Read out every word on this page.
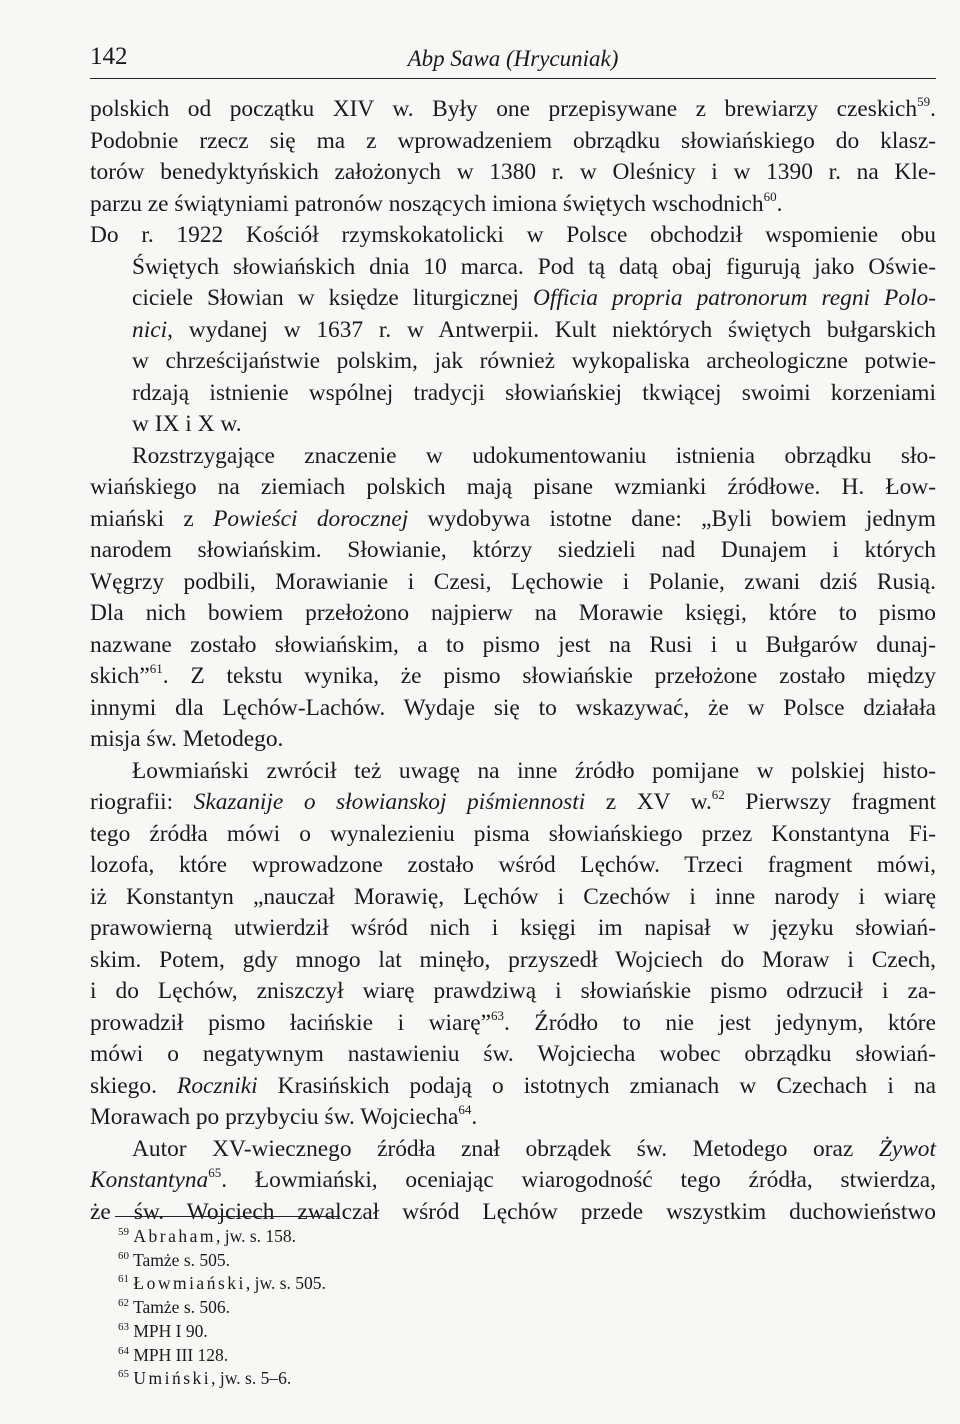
142	Abp Sawa (Hrycuniak)

polskich od początku XIV w. Były one przepisywane z brewiarzy czeskich$^{59}$.
Podobnie rzecz się ma z wprowadzeniem obrządku słowiańskiego do klasz-
torów benedyktyńskich założonych w 1380 r. w Oleśnicy i w 1390 r. na Kle-
parzu ze świątyniami patronów noszących imiona świętych wschodnich$^{60}$.

Do r. 1922 Kościół rzymskokatolicki w Polsce obchodził wspomienie obu
Świętych słowiańskich dnia 10 marca. Pod tą datą obaj figurują jako Oświe-
ciciele Słowian w księdze liturgicznej Officia propria patronorum regni Polo-
nici, wydanej w 1637 r. w Antwerpii. Kult niektórych świętych bułgarskich
w chrześcijaństwie polskim, jak również wykopaliska archeologiczne potwie-
rdzają istnienie wspólnej tradycji słowiańskiej tkwiącej swoimi korzeniami
w IX i X w.

Rozstrzygające znaczenie w udokumentowaniu istnienia obrządku sło-
wiańskiego na ziemiach polskich mają pisane wzmianki źródłowe. H. Łow-
miański z Powieści dorocznej wydobywa istotne dane: „Byli bowiem jednym
narodem słowiańskim. Słowianie, którzy siedzieli nad Dunajem i których
Węgrzy podbili, Morawianie i Czesi, Lęchowie i Polanie, zwani dziś Rusią.
Dla nich bowiem przełożono najpierw na Morawie księgi, które to pismo
nazwane zostało słowiańskim, a to pismo jest na Rusi i u Bułgarów dunaj-
skich”$^{61}$. Z tekstu wynika, że pismo słowiańskie przełożone zostało między
innymi dla Lęchów-Lachów. Wydaje się to wskazywać, że w Polsce działała
misja św. Metodego.

Łowmiański zwrócił też uwagę na inne źródło pomijane w polskiej histo-
riografii: Skazanije o słowianskoj piśmiennosti z XV w.$^{62}$ Pierwszy fragment
tego źródła mówi o wynalezieniu pisma słowiańskiego przez Konstantyna Fi-
lozofa, które wprowadzone zostało wśród Lęchów. Trzeci fragment mówi,
iż Konstantyn „nauczał Morawię, Lęchów i Czechów i inne narody i wiarę
prawowierną utwierdził wśród nich i księgi im napisał w języku słowiań-
skim. Potem, gdy mnogo lat minęło, przyszedł Wojciech do Moraw i Czech,
i do Lęchów, zniszczył wiarę prawdziwą i słowiańskie pismo odrzucił i za-
prowadził pismo łacińskie i wiarę”$^{63}$. Źródło to nie jest jedynym, które
mówi o negatywnym nastawieniu św. Wojciecha wobec obrządku słowiań-
skiego. Roczniki Krasińskich podają o istotnych zmianach w Czechach i na
Morawach po przybyciu św. Wojciecha$^{64}$.

Autor XV-wiecznego źródła znał obrządek św. Metodego oraz Żywot
Konstantyna$^{65}$. Łowmiański, oceniając wiarogodność tego źródła, stwierdza,
że św. Wojciech zwalczał wśród Lęchów przede wszystkim duchowieństwo

$^{59}$ Abraham, jw. s. 158.
$^{60}$ Tamże s. 505.
$^{61}$ Łowmiański, jw. s. 505.
$^{62}$ Tamże s. 506.
$^{63}$ MPH I 90.
$^{64}$ MPH III 128.
$^{65}$ Umiński, jw. s. 5–6.
